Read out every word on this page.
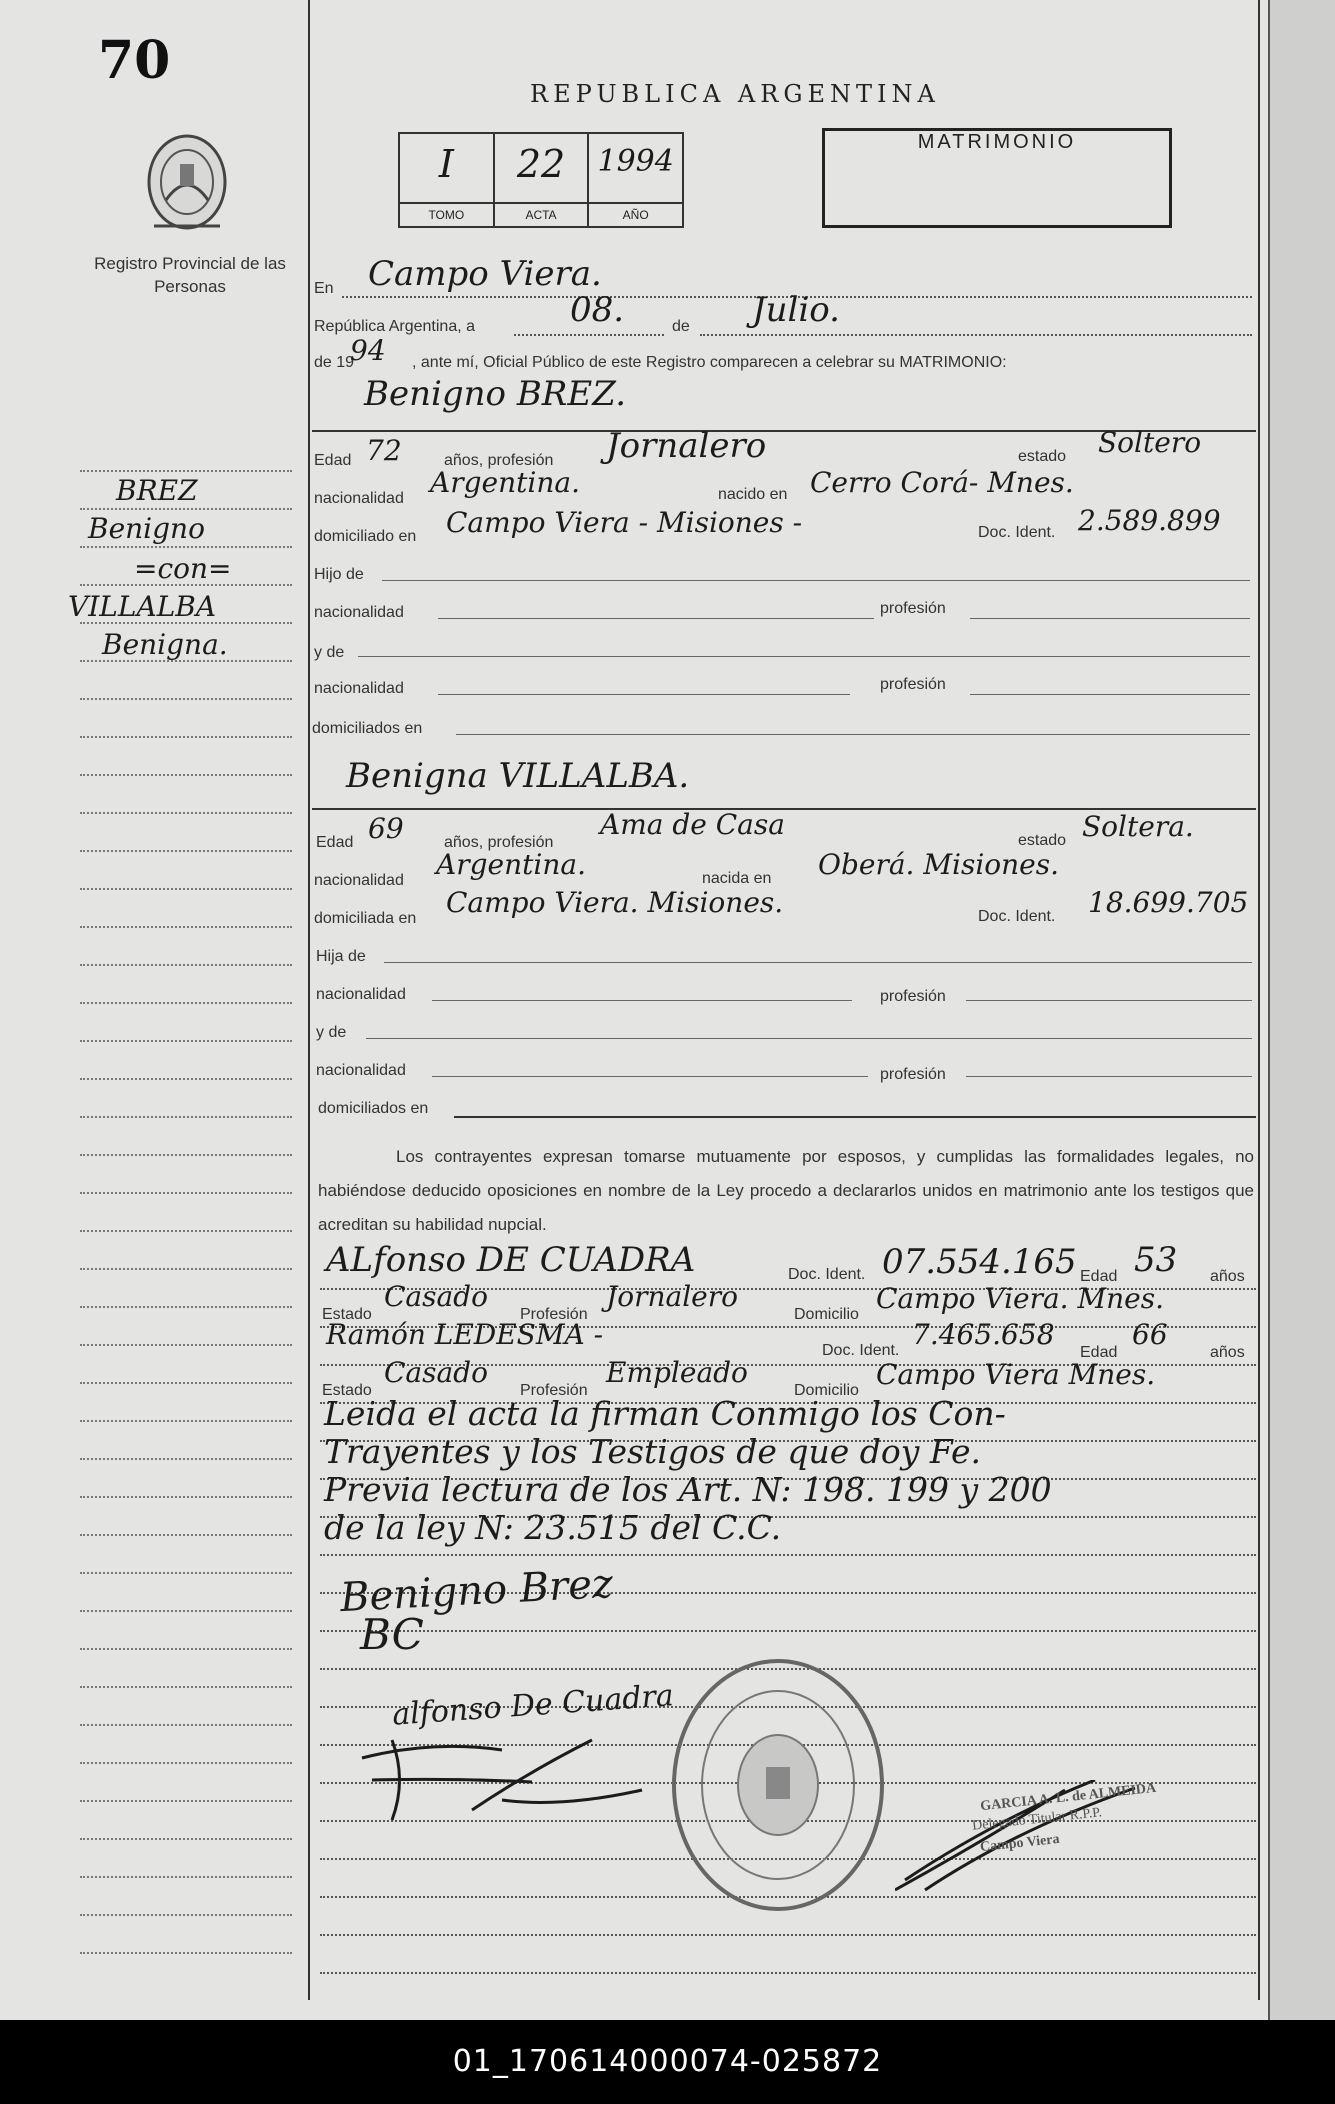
70
Registro Provincial de las Personas
REPUBLICA ARGENTINA
I
TOMO
22
ACTA
1994
AÑO
MATRIMONIO
En Campo Viera.
República Argentina, a	08.	de Julio.
de 19
94 , ante mí, Oficial Público de este Registro comparecen a celebrar su MATRIMONIO:
Benigno BREZ.
Edad 72	años, profesión Jornalero	estado Soltero
nacionalidad Argentina.	nacido en Cerro Corá- Mnes.
domiciliado en Campo Viera - Misiones -	Doc. Ident. 2.589.899
Hijo de
nacionalidad	profesión
y de
nacionalidad	profesión
domiciliados en
Benigna VILLALBA.
Edad 69	años, profesión
Ama de Casa	estado Soltera.
nacionalidad Argentina.	nacida en Oberá. Misiones.
domiciliada en Campo Viera. Misiones.	Doc. Ident. 18.699.705
Hija de
nacionalidad	profesión
y de
nacionalidad	profesión
domiciliados en
BREZ
Benigno
=con=
VILLALBA
Benigna.
Los contrayentes expresan tomarse mutuamente por esposos, y cumplidas las formalidades legales, no habiéndose deducido oposiciones en nombre de la Ley procedo a declararlos unidos en matrimonio ante los testigos que acreditan su habilidad nupcial.
ALfonso DE CUADRA	Doc. Ident. 07.554.165 Edad 53 años
Estado
Casado
Profesión
Jornalero
Domicilio Campo Viera. Mnes.
Ramón LEDESMA -	Doc. Ident. 7.465.658
Edad
66
años
Estado
Casado
Profesión
Empleado
Domicilio Campo Viera Mnes.
Leida el acta la firman Conmigo los Con-
Trayentes y los Testigos de que doy Fe.
Previa lectura de los Art. N: 198. 199 y 200
de la ley N: 23.515 del C.C.
Benigno Brez
BC
alfonso De Cuadra
GARCIA A. L. de ALMEIDA
Delegado Titular R.P.P.
Campo Viera
01_170614000074-025872
